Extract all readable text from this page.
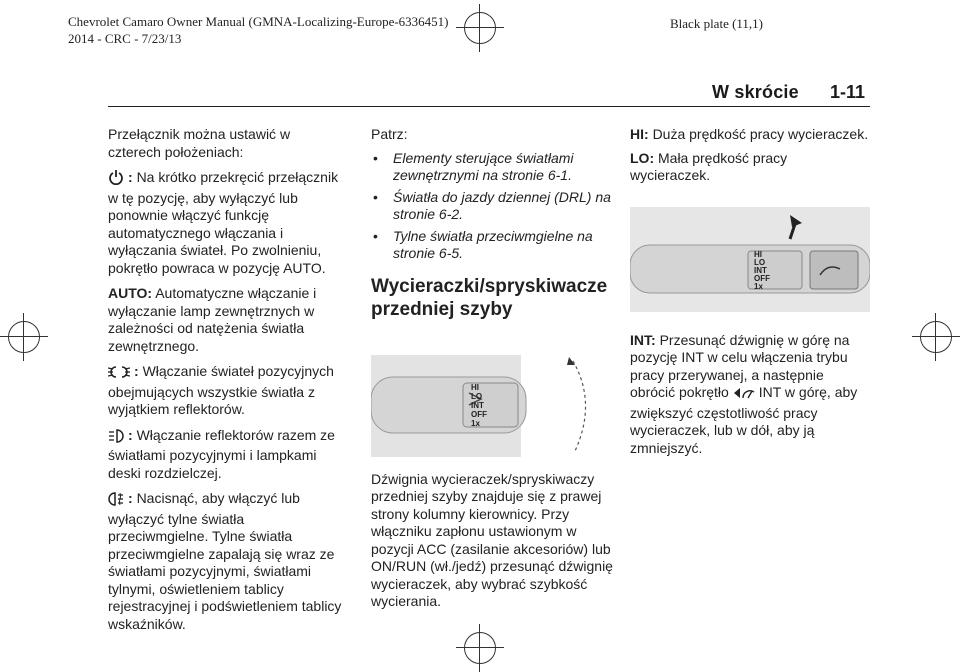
Chevrolet Camaro Owner Manual (GMNA-Localizing-Europe-6336451)
2014 - CRC - 7/23/13
Black plate (11,1)
W skrócie 1-11

Przełącznik można ustawić w czterech położeniach:

: Na krótko przekręcić przełącznik w tę pozycję, aby wyłączyć lub ponownie włączyć funkcję automatycznego włączania i wyłączania świateł. Po zwolnieniu, pokrętło powraca w pozycję AUTO.

AUTO: Automatyczne włączanie i wyłączanie lamp zewnętrznych w zależności od natężenia światła zewnętrznego.

: Włączanie świateł pozycyjnych obejmujących wszystkie światła z wyjątkiem reflektorów.

: Włączanie reflektorów razem ze światłami pozycyjnymi i lampkami deski rozdzielczej.

: Nacisnąć, aby włączyć lub wyłączyć tylne światła przeciwmgielne. Tylne światła przeciwmgielne zapalają się wraz ze światłami pozycyjnymi, światłami tylnymi, oświetleniem tablicy rejestracyjnej i podświetleniem tablicy wskaźników.

Patrz:

• Elementy sterujące światłami zewnętrznymi na stronie 6-1.
• Światła do jazdy dziennej (DRL) na stronie 6-2.
• Tylne światła przeciwmgielne na stronie 6-5.
Wycieraczki/spryskiwacze przedniej szyby
HI
LO
INT
OFF
1x

Dźwignia wycieraczek/spryskiwaczy przedniej szyby znajduje się z prawej strony kolumny kierownicy. Przy włączniku zapłonu ustawionym w pozycji ACC (zasilanie akcesoriów) lub ON/RUN (wł./jedź) przesunąć dźwignię wycieraczek, aby wybrać szybkość wycierania.

HI: Duża prędkość pracy wycieraczek.

LO: Mała prędkość pracy wycieraczek.

HI
LO
INT
OFF
1x

INT: Przesunąć dźwignię w górę na pozycję INT w celu włączenia trybu pracy przerywanej, a następnie obrócić pokrętło INT w górę, aby zwiększyć częstotliwość pracy wycieraczek, lub w dół, aby ją zmniejszyć.
